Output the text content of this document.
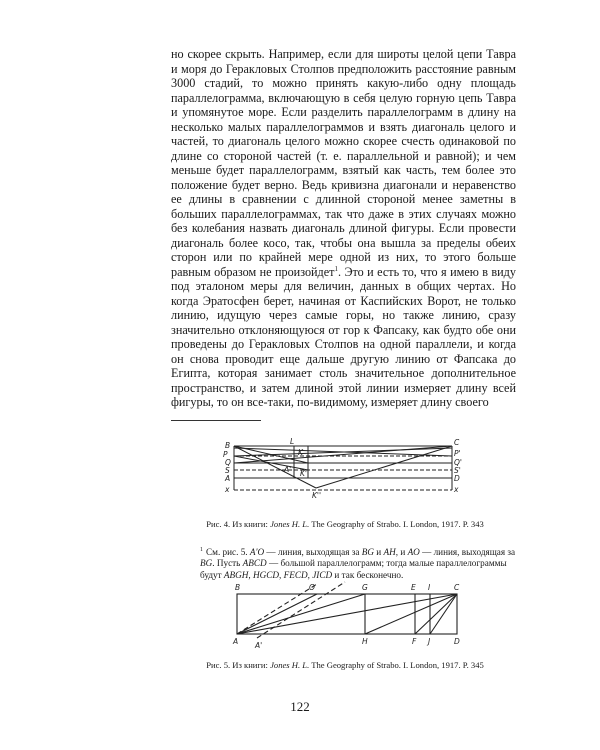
но скорее скрыть. Например, если для широты целой цепи Тавра и моря до Геракловых Столпов предположить расстояние равным 3000 стадий, то можно принять какую-либо одну площадь параллелограмма, включающую в себя целую горную цепь Тавра и упомянутое море. Если разделить параллелограмм в длину на несколько малых параллелограммов и взять диагональ целого и частей, то диагональ целого можно скорее счесть одинаковой по длине со стороной частей (т. е. параллельной и равной); и чем меньше будет параллелограмм, взятый как часть, тем более это положение будет верно. Ведь кривизна диагонали и неравенство ее длины в сравнении с длинной стороной менее заметны в больших параллелограммах, так что даже в этих случаях можно без колебания назвать диагональ длиной фигуры. Если провести диагональ более косо, так, чтобы она вышла за пределы обеих сторон или по крайней мере одной из них, то этого больше равным образом не произойдет$^1$. Это и есть то, что я имею в виду под эталоном меры для величин, данных в общих чертах. Но когда Эратосфен берет, начиная от Каспийских Ворот, не только линию, идущую через самые горы, но также линию, сразу значительно отклоняющуюся от гор к Фапсаку, как будто обе они проведены до Геракловых Столпов на одной параллели, и когда он снова проводит еще дальше другую линию от Фапсака до Египта, которая занимает столь значительное дополнительное пространство, и затем длиной этой линии измеряет длину всей фигуры, то он все-таки, по-видимому, измеряет длину своего
B	L	C
P
Q
S
A
x
P'
Q'
S'
D
x
K
K'
K''
A'
Рис. 4. Из книги: Jones H. L. The Geography of Strabo. I. London, 1917. P. 343
$^1$ См. рис. 5. A'O — линия, выходящая за BG и AH, и AO — линия, выходящая за BG. Пусть ABCD — большой параллелограмм; тогда малые параллелограммы будут ABGH, HGCD, FECD, JICD и так бесконечно.
B	O	G	E I	C
A A'	H	F J	D
Рис. 5. Из книги: Jones H. L. The Geography of Strabo. I. London, 1917. P. 345
122
